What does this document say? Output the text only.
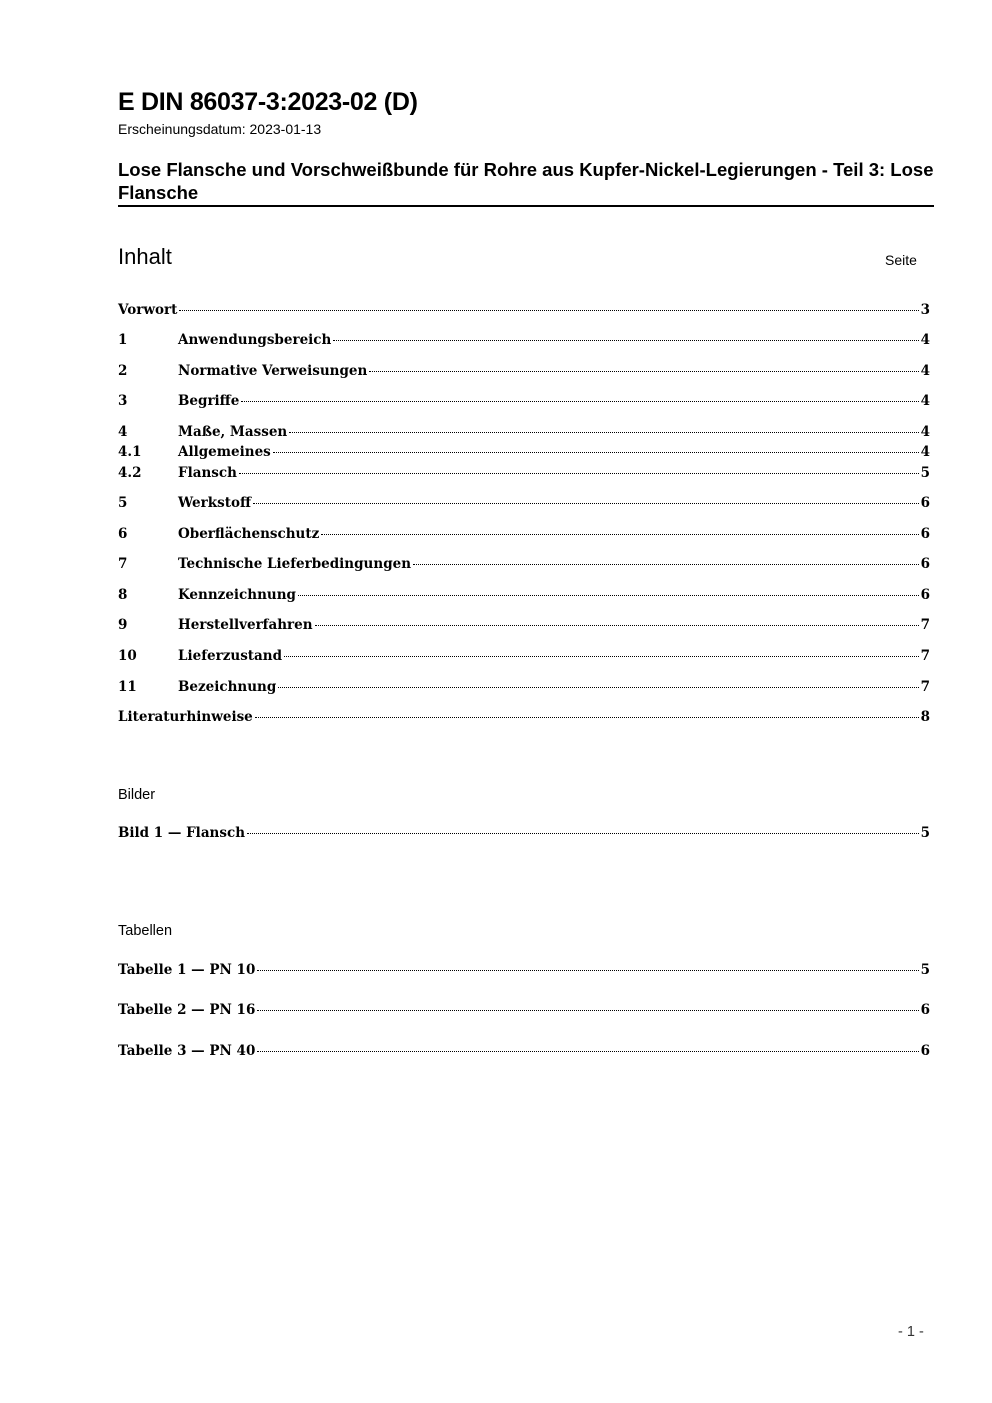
E DIN 86037-3:2023-02 (D)
Erscheinungsdatum: 2023-01-13
Lose Flansche und Vorschweißbunde für Rohre aus Kupfer-Nickel-Legierungen - Teil 3: Lose Flansche
Inhalt	Seite
Vorwort	3
1	Anwendungsbereich	4
2	Normative Verweisungen	4
3	Begriffe	4
4	Maße, Massen	4
4.1	Allgemeines	4
4.2	Flansch	5
5	Werkstoff	6
6	Oberflächenschutz	6
7	Technische Lieferbedingungen	6
8	Kennzeichnung	6
9	Herstellverfahren	7
10	Lieferzustand	7
11	Bezeichnung	7
Literaturhinweise	8
Bilder
Bild 1 — Flansch	5
Tabellen
Tabelle 1 — PN 10	5
Tabelle 2 — PN 16	6
Tabelle 3 — PN 40	6
- 1 -
